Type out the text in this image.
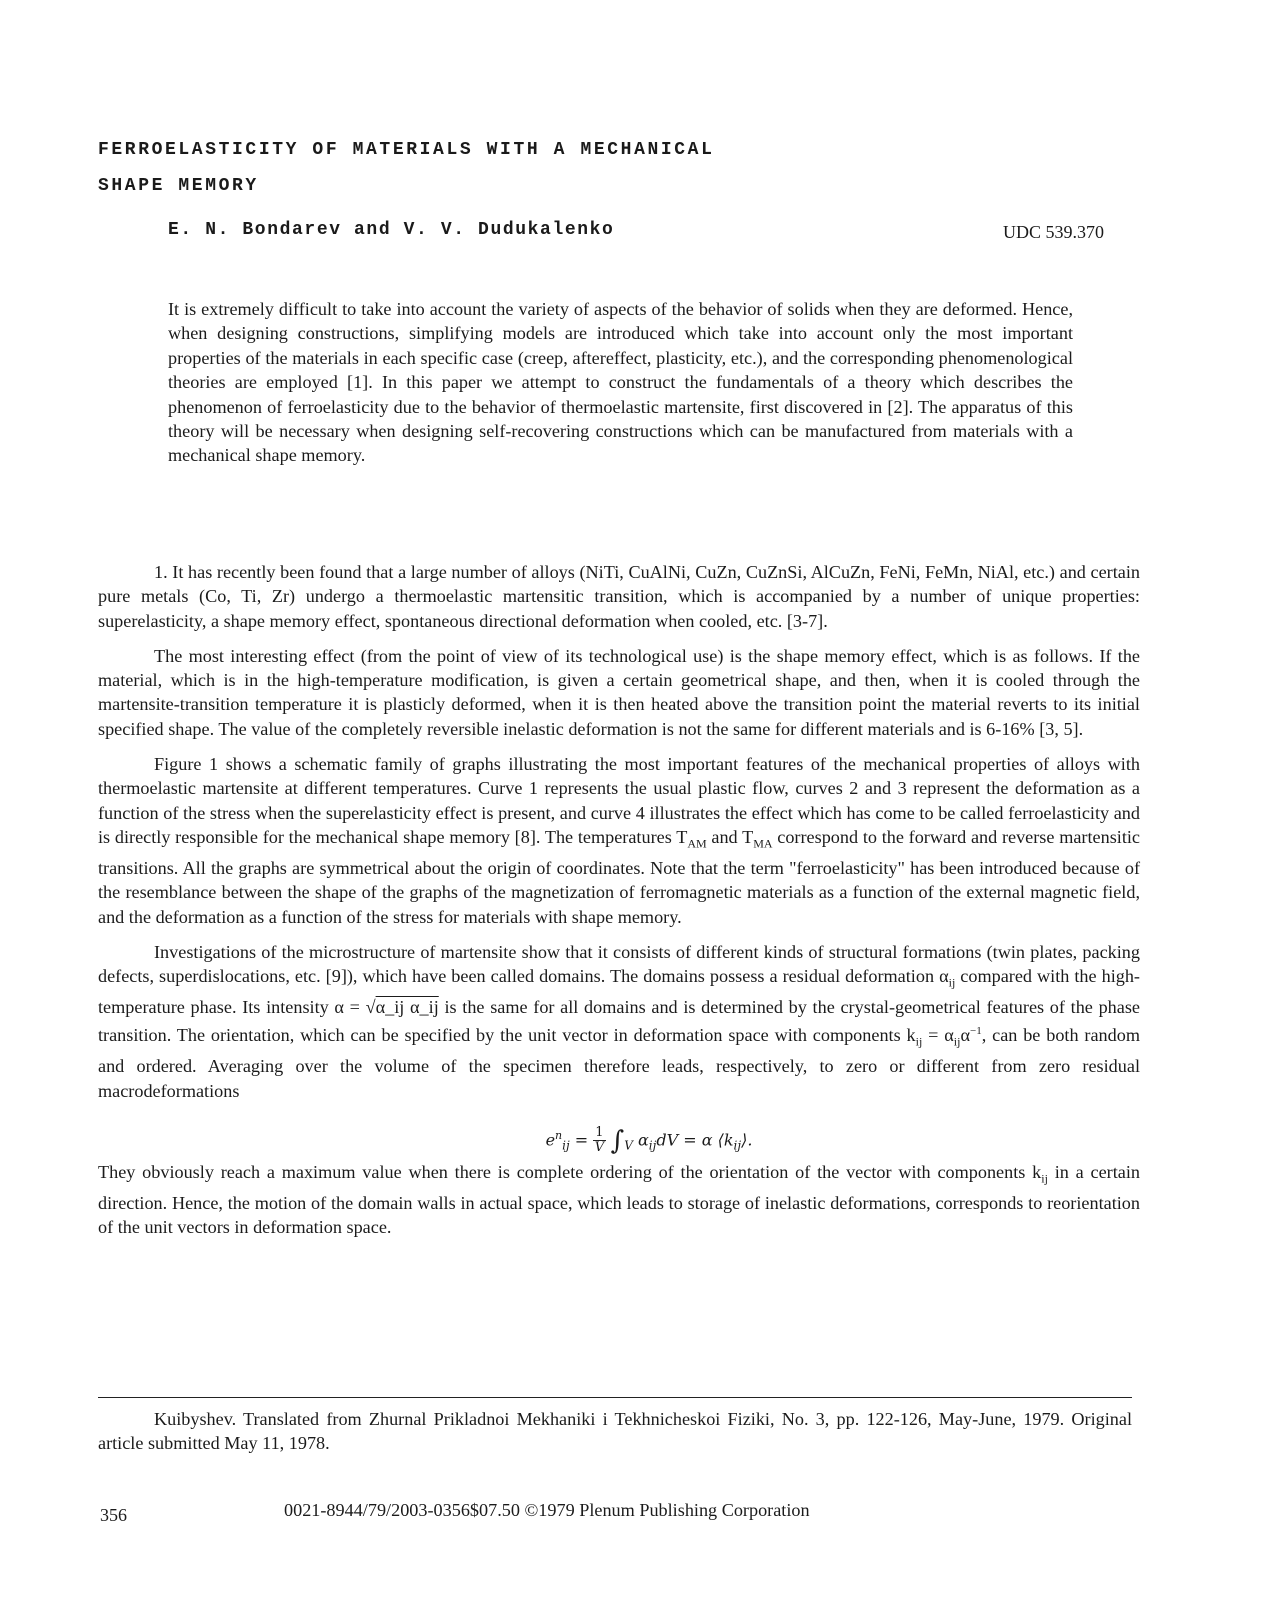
FERROELASTICITY OF MATERIALS WITH A MECHANICAL
SHAPE MEMORY
E. N. Bondarev and V. V. Dudukalenko	UDC 539.370

It is extremely difficult to take into account the variety of aspects of the behavior of solids when they are deformed. Hence, when designing constructions, simplifying models are introduced which take into account only the most important properties of the materials in each specific case (creep, aftereffect, plasticity, etc.), and the corresponding phenomenological theories are employed [1]. In this paper we attempt to construct the fundamentals of a theory which describes the phenomenon of ferroelasticity due to the behavior of thermoelastic martensite, first discovered in [2]. The apparatus of this theory will be necessary when designing self-recovering constructions which can be manufactured from materials with a mechanical shape memory.

1. It has recently been found that a large number of alloys (NiTi, CuAlNi, CuZn, CuZnSi, AlCuZn, FeNi, FeMn, NiAl, etc.) and certain pure metals (Co, Ti, Zr) undergo a thermoelastic martensitic transition, which is accompanied by a number of unique properties: superelasticity, a shape memory effect, spontaneous directional deformation when cooled, etc. [3-7].

The most interesting effect (from the point of view of its technological use) is the shape memory effect, which is as follows. If the material, which is in the high-temperature modification, is given a certain geometrical shape, and then, when it is cooled through the martensite-transition temperature it is plasticly deformed, when it is then heated above the transition point the material reverts to its initial specified shape. The value of the completely reversible inelastic deformation is not the same for different materials and is 6-16% [3, 5].

Figure 1 shows a schematic family of graphs illustrating the most important features of the mechanical properties of alloys with thermoelastic martensite at different temperatures. Curve 1 represents the usual plastic flow, curves 2 and 3 represent the deformation as a function of the stress when the superelasticity effect is present, and curve 4 illustrates the effect which has come to be called ferroelasticity and is directly responsible for the mechanical shape memory [8]. The temperatures $T_{AM}$ and $T_{MA}$ correspond to the forward and reverse martensitic transitions. All the graphs are symmetrical about the origin of coordinates. Note that the term "ferroelasticity" has been introduced because of the resemblance between the shape of the graphs of the magnetization of ferromagnetic materials as a function of the external magnetic field, and the deformation as a function of the stress for materials with shape memory.

Investigations of the microstructure of martensite show that it consists of different kinds of structural formations (twin plates, packing defects, superdislocations, etc. [9]), which have been called domains. The domains possess a residual deformation $\alpha_{ij}$ compared with the high-temperature phase. Its intensity α = √α_ij α_ij is the same for all domains and is determined by the crystal-geometrical features of the phase transition. The orientation, which can be specified by the unit vector in deformation space with components $k_{ij} = \alpha_{ij}\alpha^{-1}$, can be both random and ordered. Averaging over the volume of the specimen therefore leads, respectively, to zero or different from zero residual macrodeformations

$e^n_{ij} = \frac{1}{V} \int_V$ $\alpha_{ij}dV = \alpha$ $⟨k_{ij}⟩$.

They obviously reach a maximum value when there is complete ordering of the orientation of the vector with components $k_{ij}$ in a certain direction. Hence, the motion of the domain walls in actual space, which leads to storage of inelastic deformations, corresponds to reorientation of the unit vectors in deformation space.

Kuibyshev. Translated from Zhurnal Prikladnoi Mekhaniki i Tekhnicheskoi Fiziki, No. 3, pp. 122-126, May-June, 1979. Original article submitted May 11, 1978.

356	0021-8944/79/2003-0356$07.50 ©1979 Plenum Publishing Corporation
